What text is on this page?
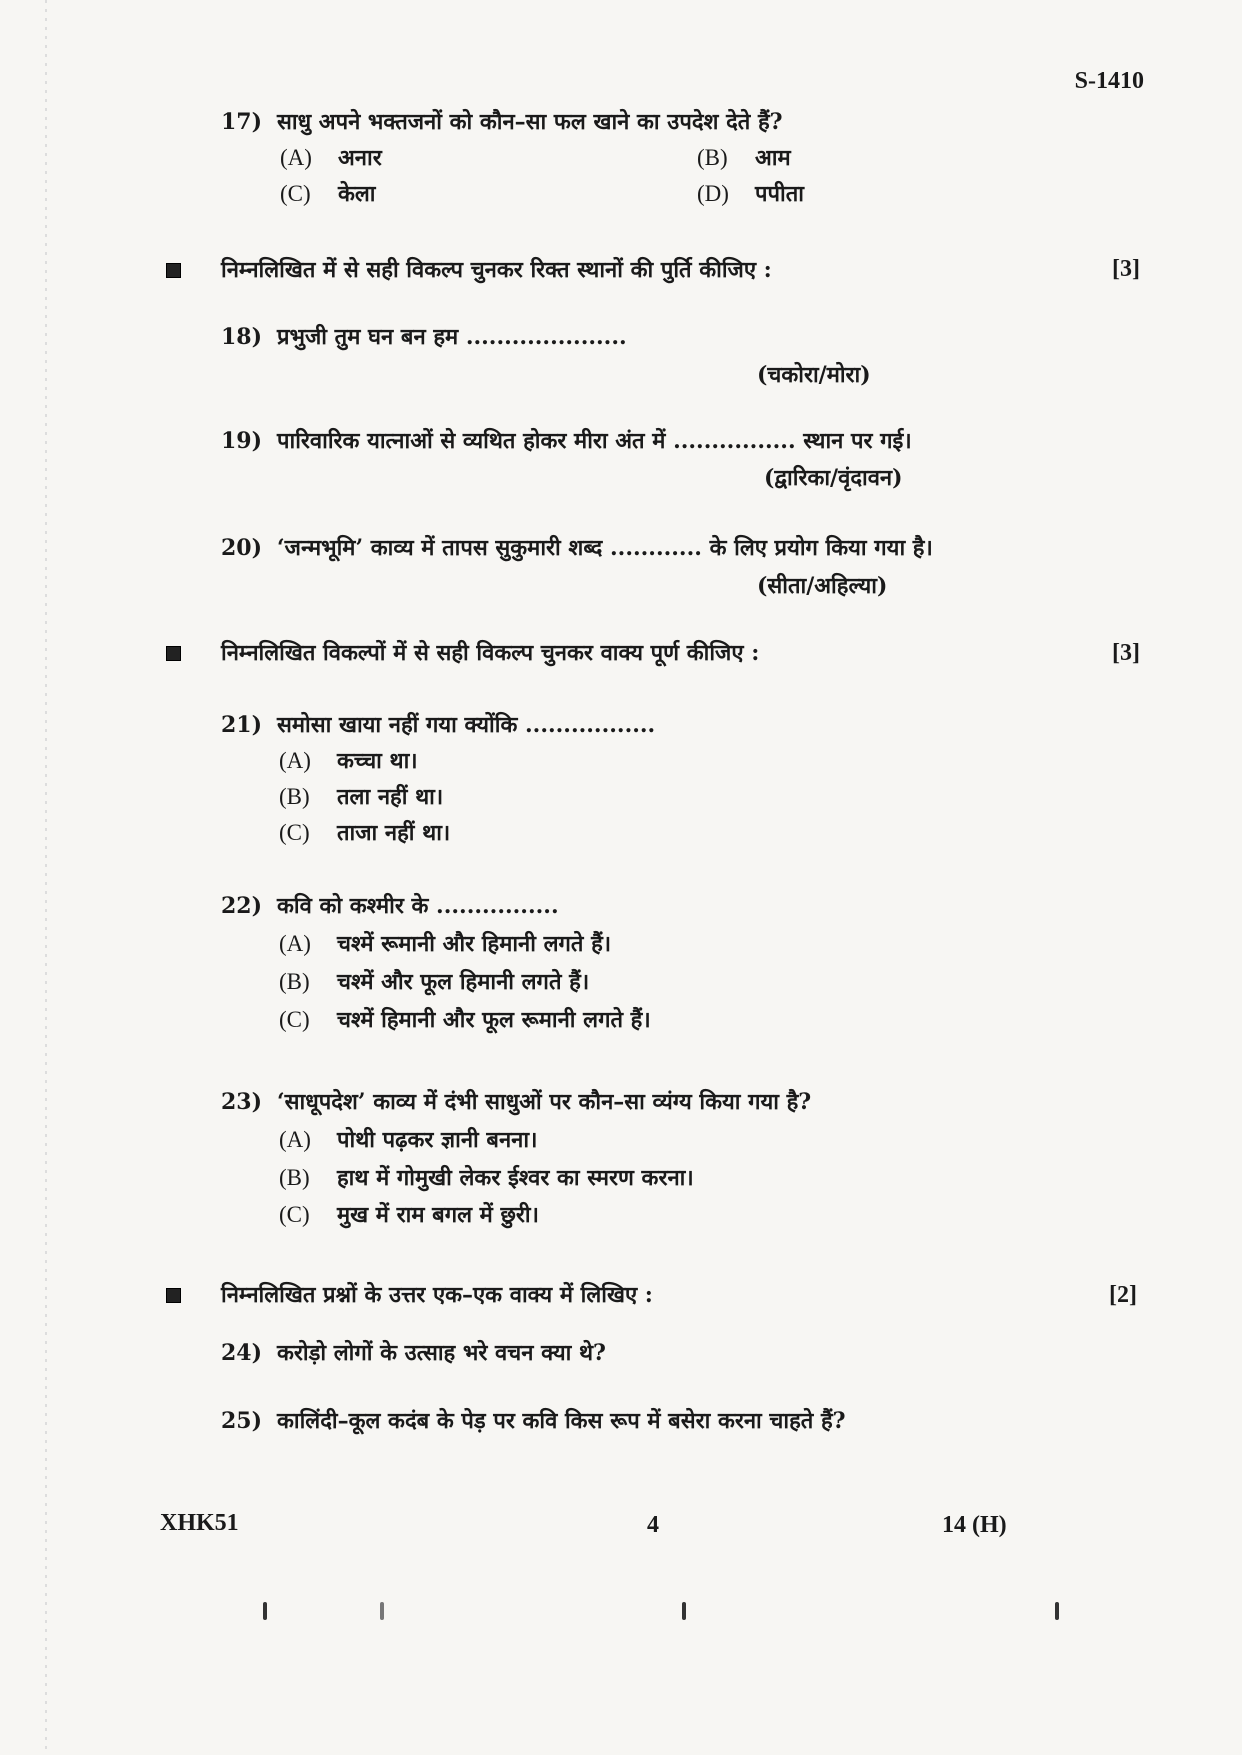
S-1410
17) साधु अपने भक्तजनों को कौन–सा फल खाने का उपदेश देते हैं?
(A) अनार	(B) आम
(C) केला	(D) पपीता
निम्नलिखित में से सही विकल्प चुनकर रिक्त स्थानों की पुर्ति कीजिए :	[3]
18) प्रभुजी तुम घन बन हम .....................
(चकोरा/मोरा)
19) पारिवारिक यात्नाओं से व्यथित होकर मीरा अंत में ................ स्थान पर गई।
(द्वारिका/वृंदावन)
20) ‘जन्मभूमि’ काव्य में तापस सुकुमारी शब्द ............ के लिए प्रयोग किया गया है।
(सीता/अहिल्या)
निम्नलिखित विकल्पों में से सही विकल्प चुनकर वाक्य पूर्ण कीजिए :	[3]
21) समोसा खाया नहीं गया क्योंकि .................
(A) कच्चा था।
(B) तला नहीं था।
(C) ताजा नहीं था।
22) कवि को कश्मीर के ................
(A) चश्में रूमानी और हिमानी लगते हैं।
(B) चश्में और फूल हिमानी लगते हैं।
(C) चश्में हिमानी और फूल रूमानी लगते हैं।
23) ‘साधूपदेश’ काव्य में दंभी साधुओं पर कौन–सा व्यंग्य किया गया है?
(A) पोथी पढ़कर ज्ञानी बनना।
(B) हाथ में गोमुखी लेकर ईश्वर का स्मरण करना।
(C) मुख में राम बगल में छुरी।
निम्नलिखित प्रश्नों के उत्तर एक–एक वाक्य में लिखिए :	[2]
24) करोड़ो लोगों के उत्साह भरे वचन क्या थे?
25) कालिंदी–कूल कदंब के पेड़ पर कवि किस रूप में बसेरा करना चाहते हैं?
XHK51	4	14 (H)
